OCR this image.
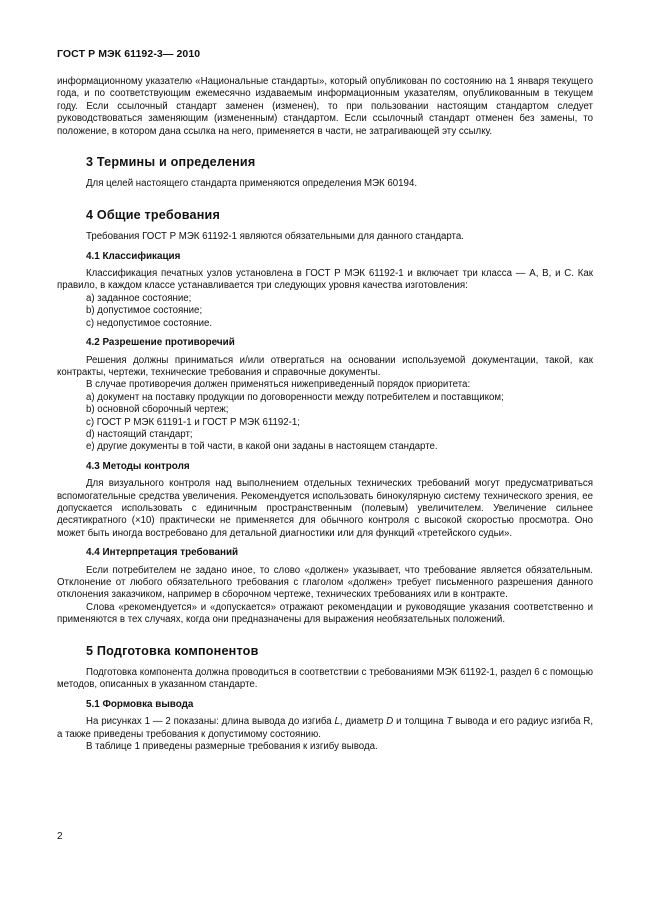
ГОСТ Р МЭК 61192-3— 2010

информационному указателю «Национальные стандарты», который опубликован по состоянию на 1 января текущего года, и по соответствующим ежемесячно издаваемым информационным указателям, опубликованным в текущем году. Если ссылочный стандарт заменен (изменен), то при пользовании настоящим стандартом следует руководствоваться заменяющим (измененным) стандартом. Если ссылочный стандарт отменен без замены, то положение, в котором дана ссылка на него, применяется в части, не затрагивающей эту ссылку.

3 Термины и определения

Для целей настоящего стандарта применяются определения МЭК 60194.

4 Общие требования

Требования ГОСТ Р МЭК 61192-1 являются обязательными для данного стандарта.

4.1 Классификация

Классификация печатных узлов установлена в ГОСТ Р МЭК 61192-1 и включает три класса — А, В, и С. Как правило, в каждом классе устанавливается три следующих уровня качества изготовления:

а) заданное состояние;

b) допустимое состояние;

с) недопустимое состояние.

4.2 Разрешение противоречий

Решения должны приниматься и/или отвергаться на основании используемой документации, такой, как контракты, чертежи, технические требования и справочные документы.

В случае противоречия должен применяться нижеприведенный порядок приоритета:

а) документ на поставку продукции по договоренности между потребителем и поставщиком;

b) основной сборочный чертеж;

с) ГОСТ Р МЭК 61191-1 и ГОСТ Р МЭК 61192-1;

d) настоящий стандарт;

е) другие документы в той части, в какой они заданы в настоящем стандарте.

4.3 Методы контроля

Для визуального контроля над выполнением отдельных технических требований могут предусматриваться вспомогательные средства увеличения. Рекомендуется использовать бинокулярную систему технического зрения, ее допускается использовать с единичным пространственным (полевым) увеличителем. Увеличение сильнее десятикратного (×10) практически не применяется для обычного контроля с высокой скоростью просмотра. Оно может быть иногда востребовано для детальной диагностики или для функций «третейского судьи».

4.4 Интерпретация требований

Если потребителем не задано иное, то слово «должен» указывает, что требование является обязательным. Отклонение от любого обязательного требования с глаголом «должен» требует письменного разрешения данного отклонения заказчиком, например в сборочном чертеже, технических требованиях или в контракте.

Слова «рекомендуется» и «допускается» отражают рекомендации и руководящие указания соответственно и применяются в тех случаях, когда они предназначены для выражения необязательных положений.

5 Подготовка компонентов

Подготовка компонента должна проводиться в соответствии с требованиями МЭК 61192-1, раздел 6 с помощью методов, описанных в указанном стандарте.

5.1 Формовка вывода

На рисунках 1 — 2 показаны: длина вывода до изгиба L, диаметр D и толщина T вывода и его радиус изгиба R, а также приведены требования к допустимому состоянию.

В таблице 1 приведены размерные требования к изгибу вывода.

2
